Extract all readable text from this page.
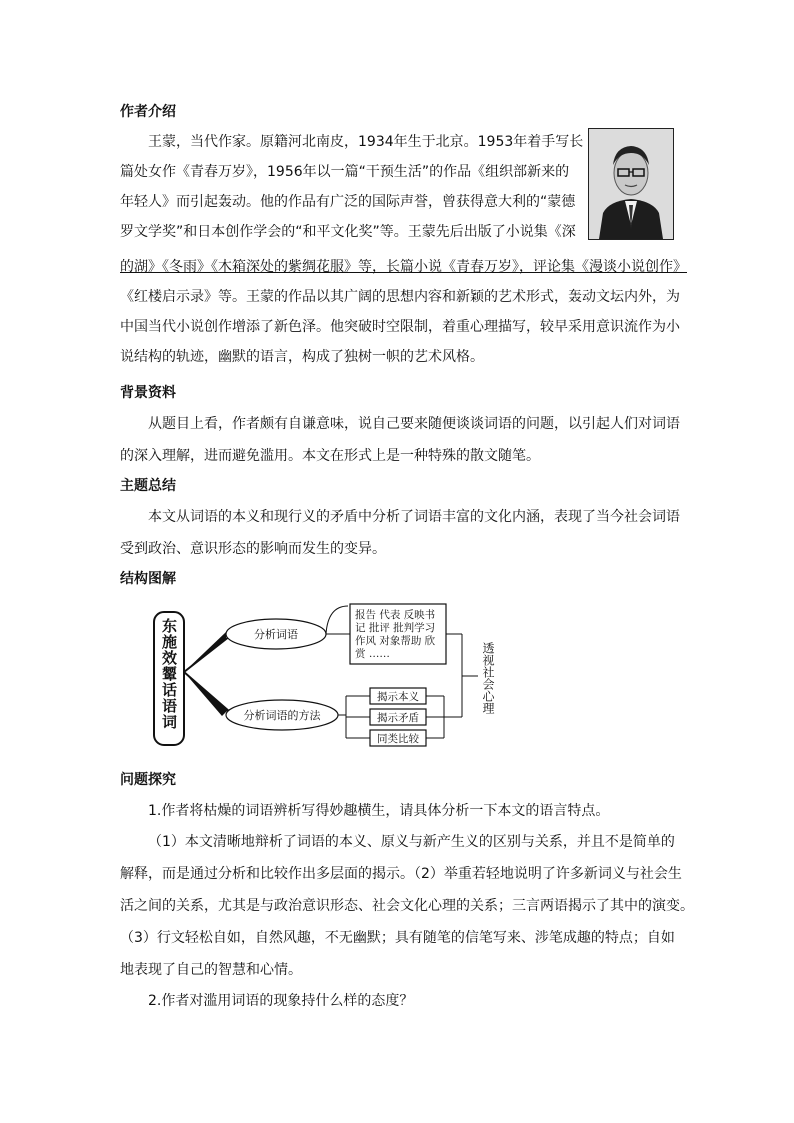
作者介绍
王蒙，当代作家。原籍河北南皮，1934年生于北京。1953年着手写长
篇处女作《青春万岁》，1956年以一篇“干预生活”的作品《组织部新来的
年轻人》而引起轰动。他的作品有广泛的国际声誉，曾获得意大利的“蒙德
罗文学奖”和日本创作学会的“和平文化奖”等。王蒙先后出版了小说集《深
的湖》《冬雨》《木箱深处的紫绸花服》等，长篇小说《青春万岁》，评论集《漫谈小说创作》
《红楼启示录》等。王蒙的作品以其广阔的思想内容和新颖的艺术形式，轰动文坛内外，为
中国当代小说创作增添了新色泽。他突破时空限制，着重心理描写，较早采用意识流作为小
说结构的轨迹，幽默的语言，构成了独树一帜的艺术风格。
背景资料
从题目上看，作者颇有自谦意味，说自己要来随便谈谈词语的问题，以引起人们对词语
的深入理解，进而避免滥用。本文在形式上是一种特殊的散文随笔。
主题总结
本文从词语的本义和现行义的矛盾中分析了词语丰富的文化内涵，表现了当今社会词语
受到政治、意识形态的影响而发生的变异。
结构图解
东施效颦话语词	分析词语
分析词语的方法
报告 代表 反映书
记 批评 批判学习
作风 对象帮助 欣
赏 ……
揭示本义
揭示矛盾
同类比较
透视社会心理
问题探究
1.作者将枯燥的词语辨析写得妙趣横生，请具体分析一下本文的语言特点。
（1）本文清晰地辩析了词语的本义、原义与新产生义的区别与关系，并且不是简单的
解释，而是通过分析和比较作出多层面的揭示。（2）举重若轻地说明了许多新词义与社会生
活之间的关系，尤其是与政治意识形态、社会文化心理的关系；三言两语揭示了其中的演变。
（3）行文轻松自如，自然风趣，不无幽默；具有随笔的信笔写来、涉笔成趣的特点；自如
地表现了自己的智慧和心情。
2.作者对滥用词语的现象持什么样的态度？
